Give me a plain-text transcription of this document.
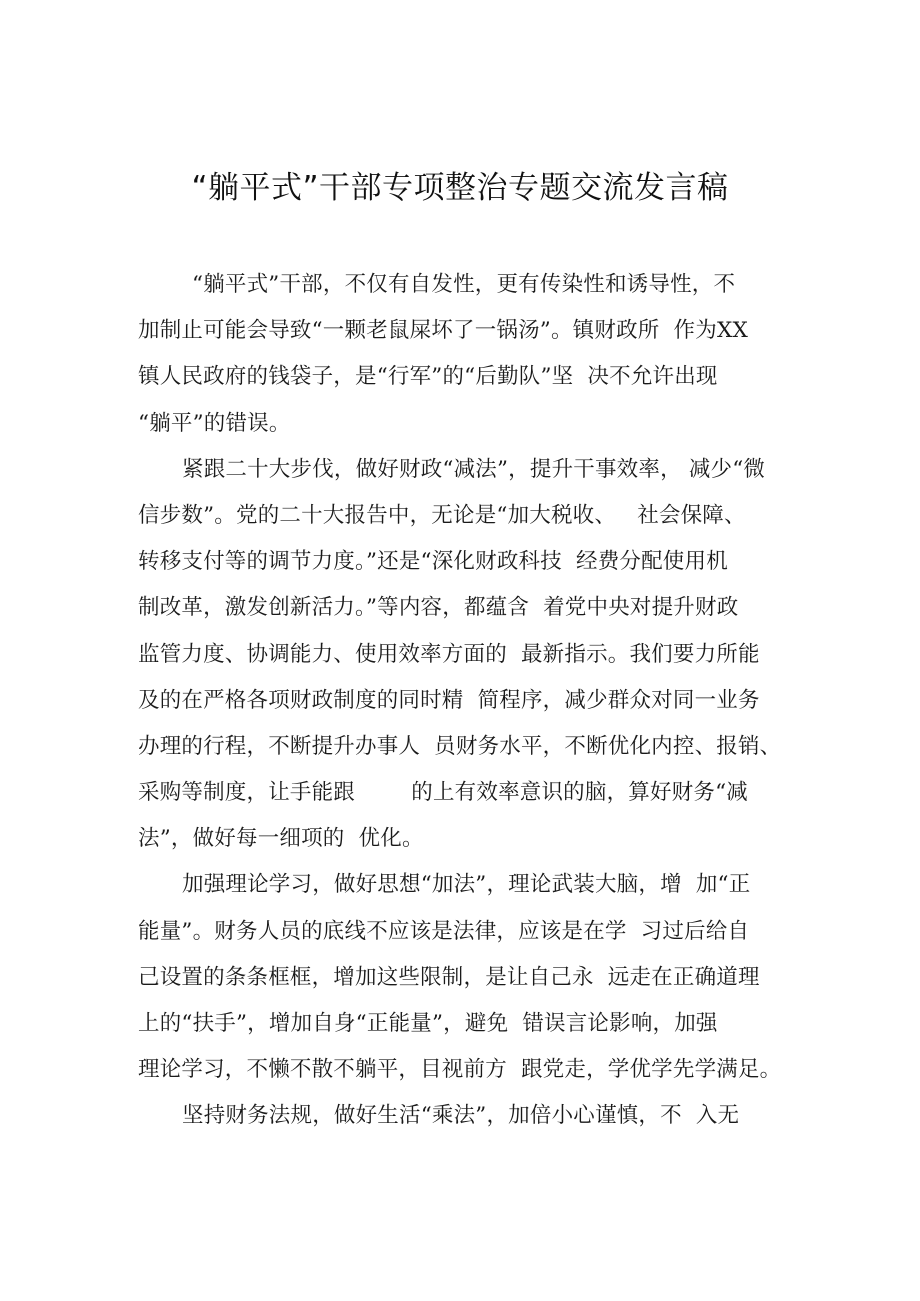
“躺平式”干部专项整治专题交流发言稿
“躺平式”干部，不仅有自发性，更有传染性和诱导性，不
加制止可能会导致“一颗老鼠屎坏了一锅汤”。镇财政所  作为XX
镇人民政府的钱袋子，是“行军”的“后勤队”坚  决不允许出现
“躺平”的错误。
紧跟二十大步伐，做好财政“减法”，提升干事效率， 减少“微
信步数”。党的二十大报告中，无论是“加大税收、   社会保障、
转移支付等的调节力度。”还是“深化财政科技  经费分配使用机
制改革，激发创新活力。”等内容，都蕴含  着党中央对提升财政
监管力度、协调能力、使用效率方面的  最新指示。我们要力所能
及的在严格各项财政制度的同时精  简程序，减少群众对同一业务
办理的行程，不断提升办事人  员财务水平，不断优化内控、报销、
采购等制度，让手能跟        的上有效率意识的脑，算好财务“减
法”，做好每一细项的  优化。
加强理论学习，做好思想“加法”，理论武装大脑，增  加“正
能量”。财务人员的底线不应该是法律，应该是在学  习过后给自
己设置的条条框框，增加这些限制，是让自己永  远走在正确道理
上的“扶手”，增加自身“正能量”，避免  错误言论影响，加强
理论学习，不懒不散不躺平，目视前方  跟党走，学优学先学满足。
坚持财务法规，做好生活“乘法”，加倍小心谨慎，不  入无
